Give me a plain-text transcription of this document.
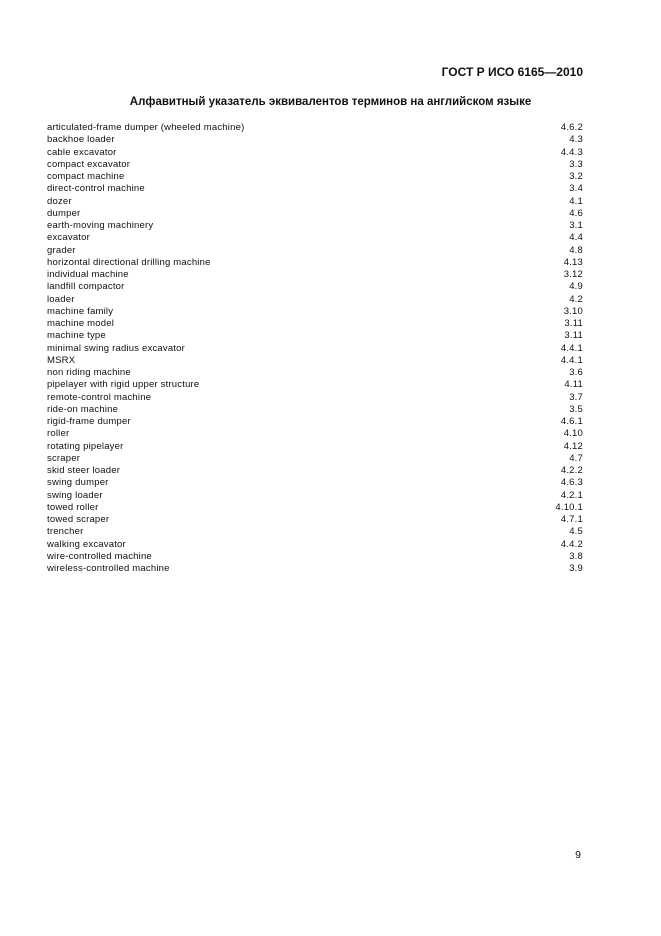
ГОСТ Р ИСО 6165—2010
Алфавитный указатель эквивалентов терминов на английском языке
articulated-frame dumper (wheeled machine)	4.6.2
backhoe loader	4.3
cable excavator	4.4.3
compact excavator	3.3
compact machine	3.2
direct-control machine	3.4
dozer	4.1
dumper	4.6
earth-moving machinery	3.1
excavator	4.4
grader	4.8
horizontal directional drilling machine	4.13
individual machine	3.12
landfill compactor	4.9
loader	4.2
machine family	3.10
machine model	3.11
machine type	3.11
minimal swing radius excavator	4.4.1
MSRX	4.4.1
non riding machine	3.6
pipelayer with rigid upper structure	4.11
remote-control machine	3.7
ride-on machine	3.5
rigid-frame dumper	4.6.1
roller	4.10
rotating pipelayer	4.12
scraper	4.7
skid steer loader	4.2.2
swing dumper	4.6.3
swing loader	4.2.1
towed roller	4.10.1
towed scraper	4.7.1
trencher	4.5
walking excavator	4.4.2
wire-controlled machine	3.8
wireless-controlled machine	3.9
9
